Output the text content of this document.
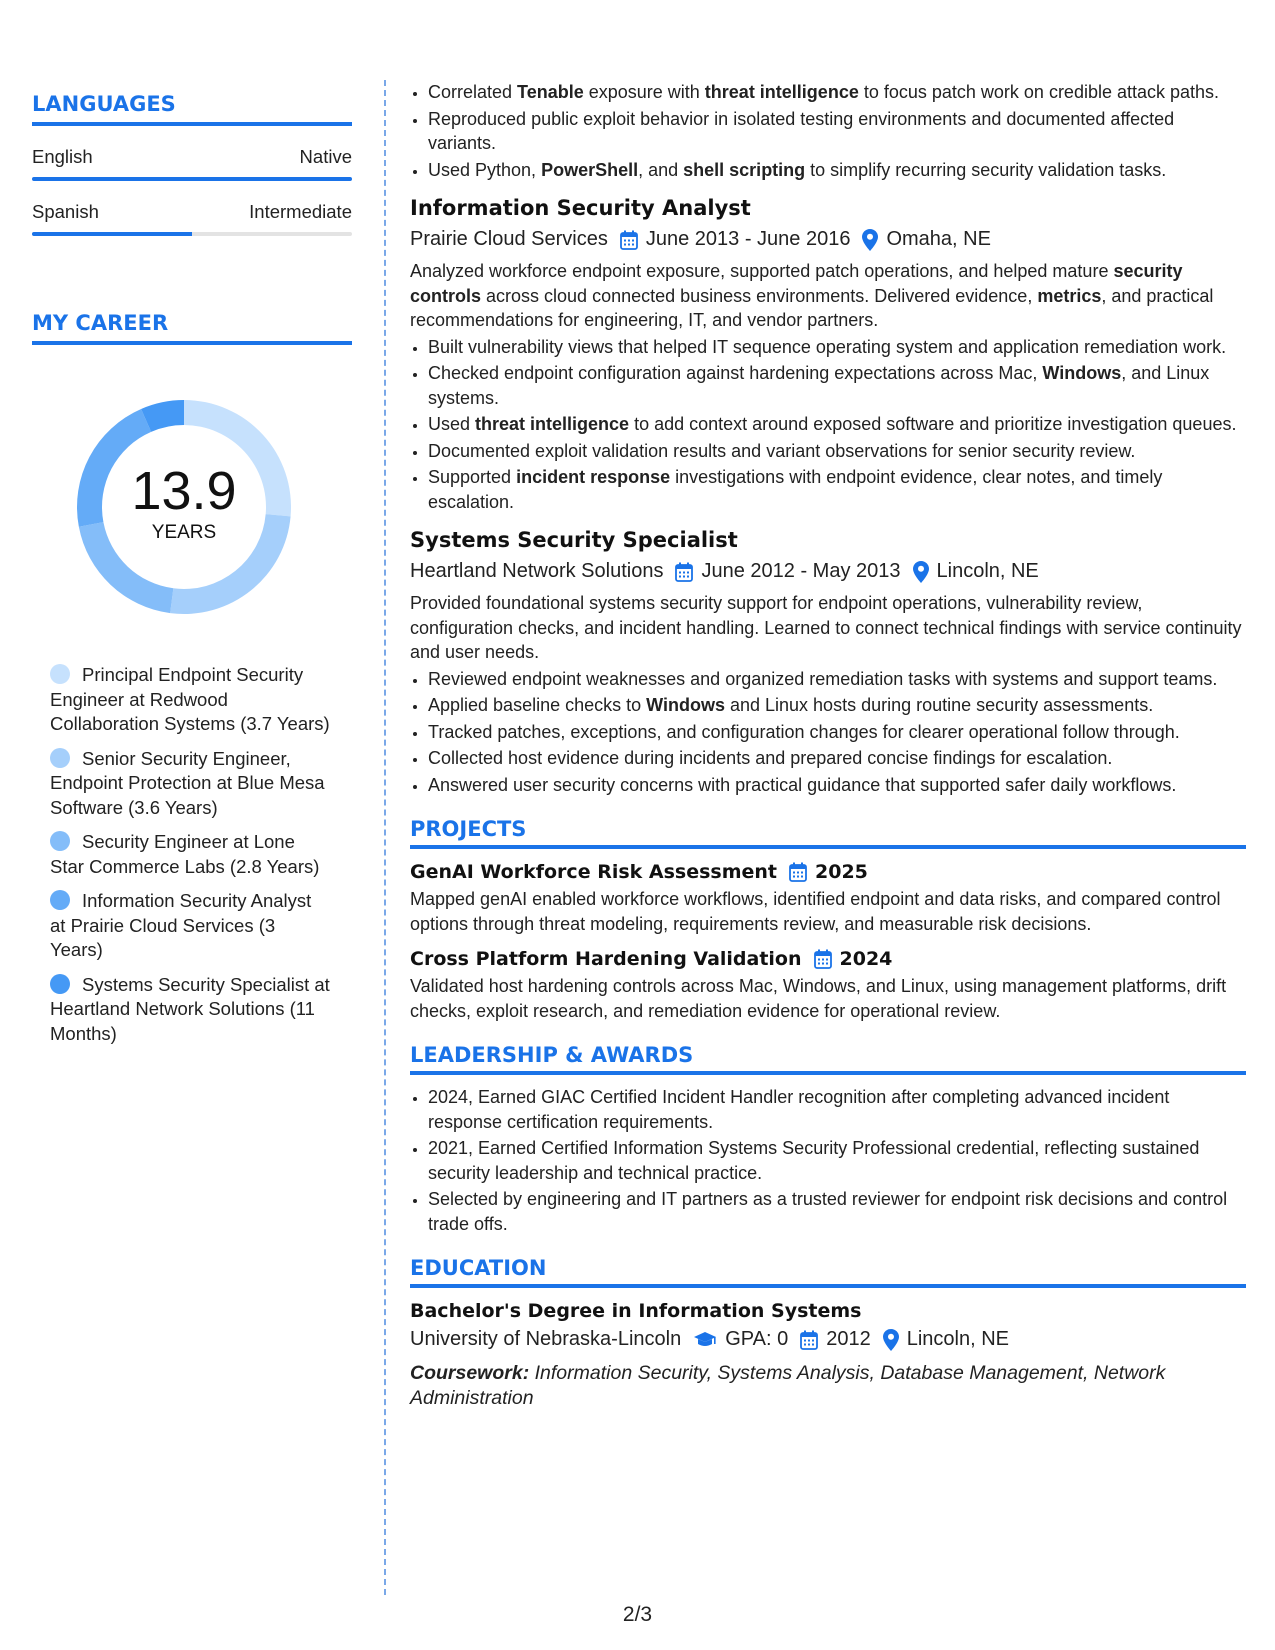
LANGUAGES
English	Native
Spanish	Intermediate
MY CAREER
13.9
YEARS
Principal Endpoint Security Engineer at Redwood Collaboration Systems (3.7 Years)
Senior Security Engineer, Endpoint Protection at Blue Mesa Software (3.6 Years)
Security Engineer at Lone Star Commerce Labs (2.8 Years)
Information Security Analyst at Prairie Cloud Services (3 Years)
Systems Security Specialist at Heartland Network Solutions (11 Months)
• Correlated Tenable exposure with threat intelligence to focus patch work on credible attack paths.
• Reproduced public exploit behavior in isolated testing environments and documented affected variants.
• Used Python, PowerShell, and shell scripting to simplify recurring security validation tasks.
Information Security Analyst
Prairie Cloud Services June 2013 - June 2016 Omaha, NE
Analyzed workforce endpoint exposure, supported patch operations, and helped mature security controls across cloud connected business environments. Delivered evidence, metrics, and practical recommendations for engineering, IT, and vendor partners.
• Built vulnerability views that helped IT sequence operating system and application remediation work.
• Checked endpoint configuration against hardening expectations across Mac, Windows, and Linux systems.
• Used threat intelligence to add context around exposed software and prioritize investigation queues.
• Documented exploit validation results and variant observations for senior security review.
• Supported incident response investigations with endpoint evidence, clear notes, and timely escalation.
Systems Security Specialist
Heartland Network Solutions June 2012 - May 2013 Lincoln, NE
Provided foundational systems security support for endpoint operations, vulnerability review, configuration checks, and incident handling. Learned to connect technical findings with service continuity and user needs.
• Reviewed endpoint weaknesses and organized remediation tasks with systems and support teams.
• Applied baseline checks to Windows and Linux hosts during routine security assessments.
• Tracked patches, exceptions, and configuration changes for clearer operational follow through.
• Collected host evidence during incidents and prepared concise findings for escalation.
• Answered user security concerns with practical guidance that supported safer daily workflows.
PROJECTS
GenAI Workforce Risk Assessment 2025
Mapped genAI enabled workforce workflows, identified endpoint and data risks, and compared control options through threat modeling, requirements review, and measurable risk decisions.
Cross Platform Hardening Validation 2024
Validated host hardening controls across Mac, Windows, and Linux, using management platforms, drift checks, exploit research, and remediation evidence for operational review.
LEADERSHIP & AWARDS
• 2024, Earned GIAC Certified Incident Handler recognition after completing advanced incident response certification requirements.
• 2021, Earned Certified Information Systems Security Professional credential, reflecting sustained security leadership and technical practice.
• Selected by engineering and IT partners as a trusted reviewer for endpoint risk decisions and control trade offs.
EDUCATION
Bachelor's Degree in Information Systems
University of Nebraska-Lincoln GPA: 0 2012 Lincoln, NE
Coursework: Information Security, Systems Analysis, Database Management, Network Administration
2/3
